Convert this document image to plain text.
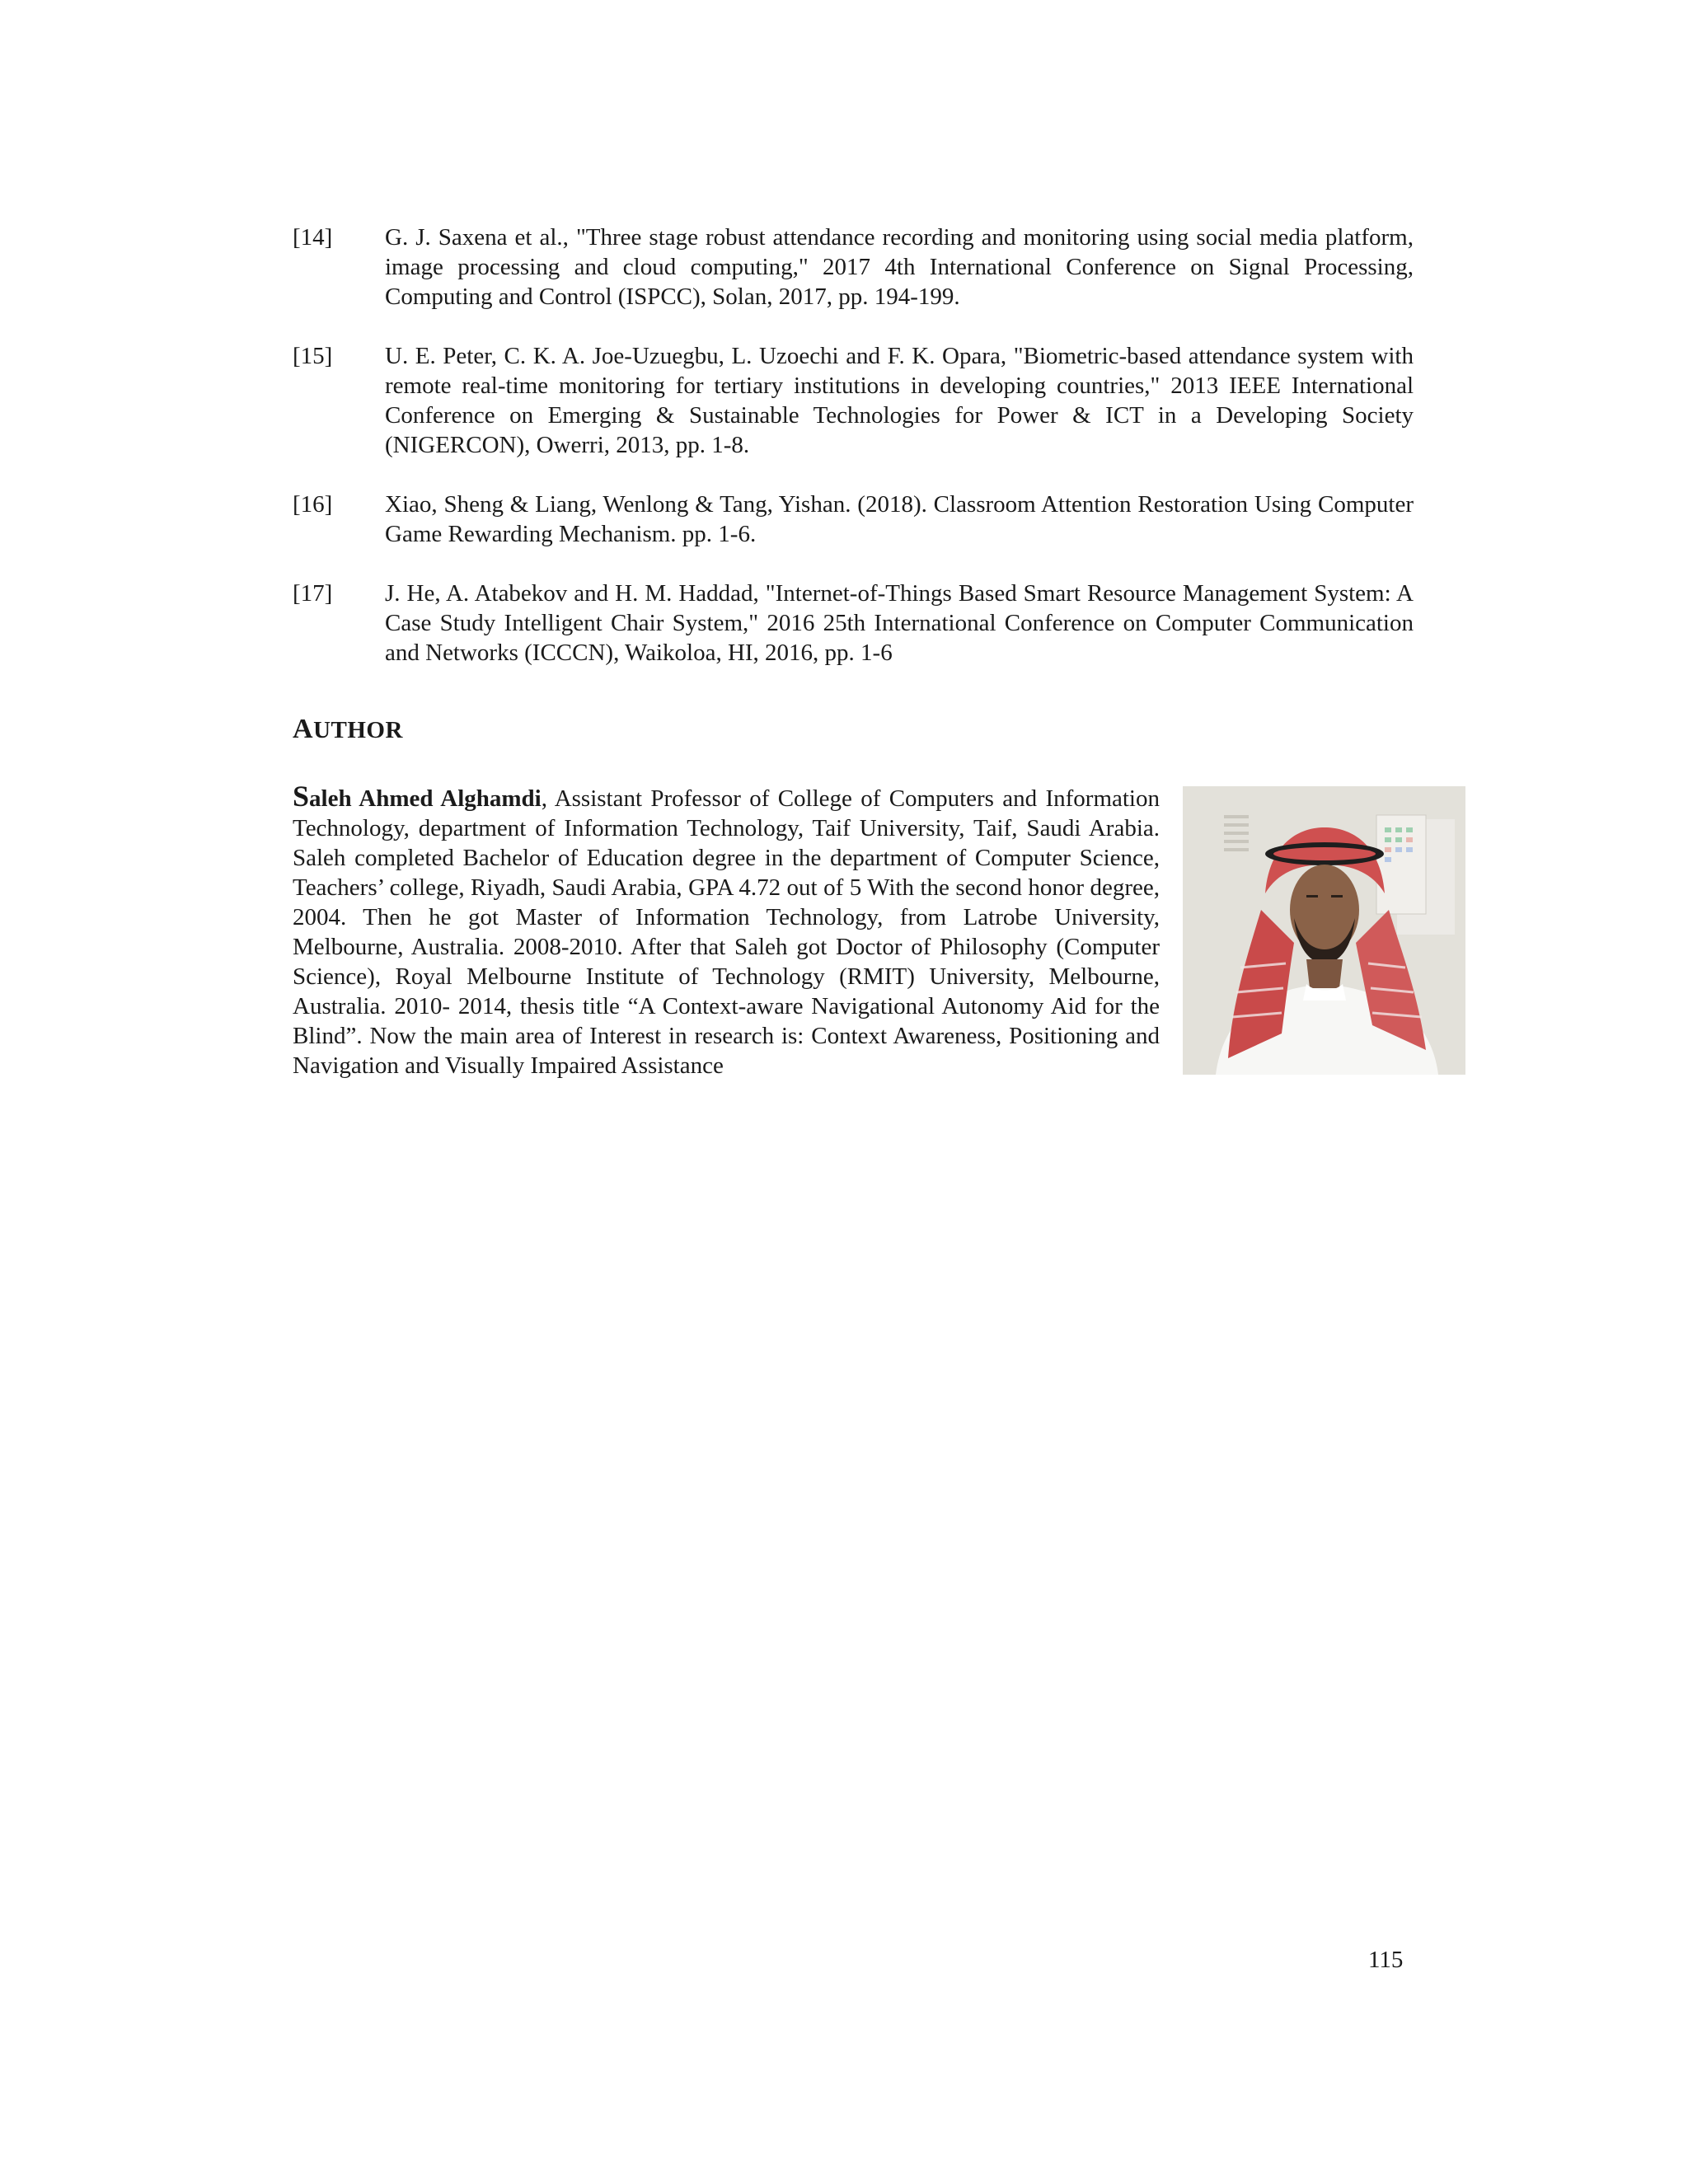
[14]	G. J. Saxena et al., "Three stage robust attendance recording and monitoring using social media platform, image processing and cloud computing," 2017 4th International Conference on Signal Processing, Computing and Control (ISPCC), Solan, 2017, pp. 194-199.
[15]	U. E. Peter, C. K. A. Joe-Uzuegbu, L. Uzoechi and F. K. Opara, "Biometric-based attendance system with remote real-time monitoring for tertiary institutions in developing countries," 2013 IEEE International Conference on Emerging & Sustainable Technologies for Power & ICT in a Developing Society (NIGERCON), Owerri, 2013, pp. 1-8.
[16]	Xiao, Sheng & Liang, Wenlong & Tang, Yishan. (2018). Classroom Attention Restoration Using Computer Game Rewarding Mechanism. pp. 1-6.
[17]	J. He, A. Atabekov and H. M. Haddad, "Internet-of-Things Based Smart Resource Management System: A Case Study Intelligent Chair System," 2016 25th International Conference on Computer Communication and Networks (ICCCN), Waikoloa, HI, 2016, pp. 1-6
AUTHOR
Saleh Ahmed Alghamdi, Assistant Professor of College of Computers and Information Technology, department of Information Technology, Taif University, Taif, Saudi Arabia. Saleh completed Bachelor of Education degree in the department of Computer Science, Teachers’ college, Riyadh, Saudi Arabia, GPA 4.72 out of 5 With the second honor degree, 2004. Then he got Master of Information Technology, from Latrobe University, Melbourne, Australia. 2008-2010. After that Saleh got Doctor of Philosophy (Computer Science), Royal Melbourne Institute of Technology (RMIT) University, Melbourne, Australia. 2010- 2014, thesis title “A Context-aware Navigational Autonomy Aid for the Blind”. Now the main area of Interest in research is: Context Awareness, Positioning and Navigation and Visually Impaired Assistance
115
